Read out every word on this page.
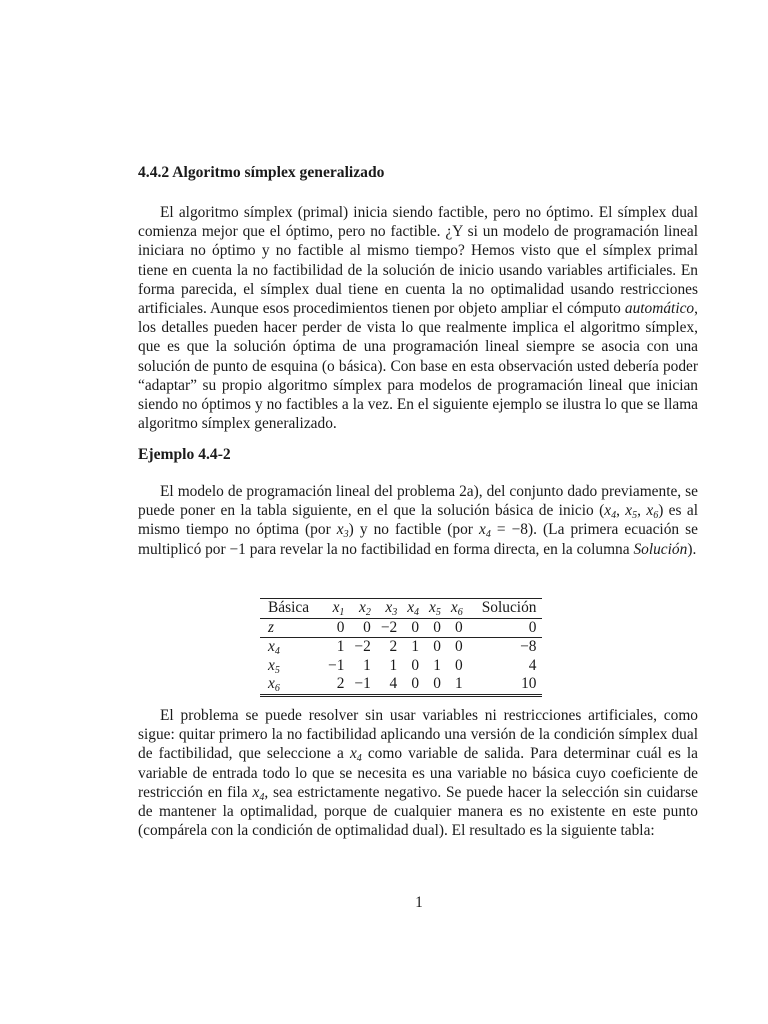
4.4.2 Algoritmo símplex generalizado

El algoritmo símplex (primal) inicia siendo factible, pero no óptimo. El símplex dual comienza mejor que el óptimo, pero no factible. ¿Y si un modelo de programación lineal iniciara no óptimo y no factible al mismo tiempo? Hemos visto que el símplex primal tiene en cuenta la no factibilidad de la solución de inicio usando variables artificiales. En forma parecida, el símplex dual tiene en cuenta la no optimalidad usando restricciones artificiales. Aunque esos procedimientos tienen por objeto ampliar el cómputo automático, los detalles pueden hacer perder de vista lo que realmente implica el algoritmo símplex, que es que la solución óptima de una programación lineal siempre se asocia con una solución de punto de esquina (o básica). Con base en esta observación usted debería poder “adaptar” su propio algoritmo símplex para modelos de programación lineal que inician siendo no óptimos y no factibles a la vez. En el siguiente ejemplo se ilustra lo que se llama algoritmo símplex generalizado.

Ejemplo 4.4-2

El modelo de programación lineal del problema 2a), del conjunto dado previamente, se puede poner en la tabla siguiente, en el que la solución básica de inicio ($x_4$, $x_5$, $x_6$) es al mismo tiempo no óptima (por $x_3$) y no factible (por $x_4 = -8$). (La primera ecuación se multiplicó por −1 para revelar la no factibilidad en forma directa, en la columna Solución).

Básica	$x_1$	$x_2$	$x_3$	$x_4$	$x_5$	$x_6$	Solución
z	0	0	−2	0	0	0	0
$x_4$	1	−2	2	1	0	0	−8
$x_5$	−1	1	1	0	1	0	4
$x_6$	2	−1	4	0	0	1	10

El problema se puede resolver sin usar variables ni restricciones artificiales, como sigue: quitar primero la no factibilidad aplicando una versión de la condición símplex dual de factibilidad, que seleccione a $x_4$ como variable de salida. Para determinar cuál es la variable de entrada todo lo que se necesita es una variable no básica cuyo coeficiente de restricción en fila $x_4$, sea estrictamente negativo. Se puede hacer la selección sin cuidarse de mantener la optimalidad, porque de cualquier manera es no existente en este punto (compárela con la condición de optimalidad dual). El resultado es la siguiente tabla:

1
